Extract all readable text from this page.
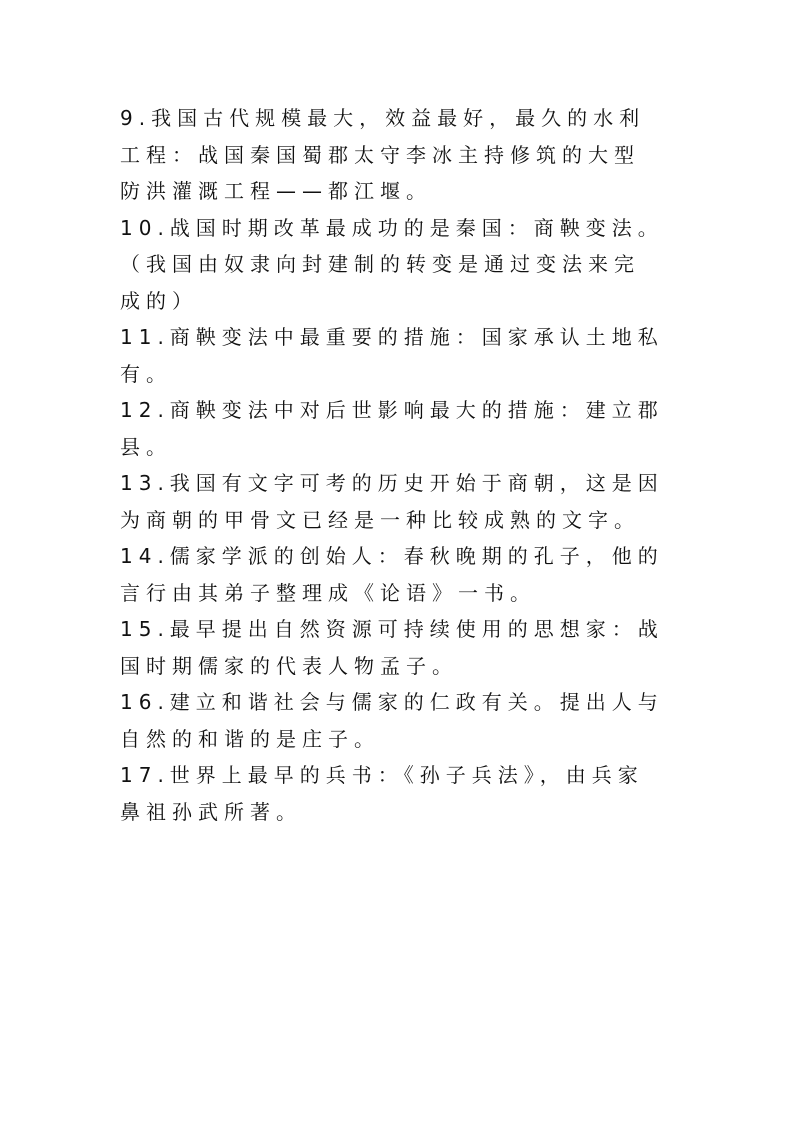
9.我国古代规模最大，效益最好，最久的水利
工程：战国秦国蜀郡太守李冰主持修筑的大型
防洪灌溉工程——都江堰。
10.战国时期改革最成功的是秦国：商鞅变法。
（我国由奴隶向封建制的转变是通过变法来完
成的）
11.商鞅变法中最重要的措施：国家承认土地私
有。
12.商鞅变法中对后世影响最大的措施：建立郡
县。
13.我国有文字可考的历史开始于商朝，这是因
为商朝的甲骨文已经是一种比较成熟的文字。
14.儒家学派的创始人：春秋晚期的孔子，他的
言行由其弟子整理成《论语》一书。
15.最早提出自然资源可持续使用的思想家：战
国时期儒家的代表人物孟子。
16.建立和谐社会与儒家的仁政有关。提出人与
自然的和谐的是庄子。
17.世界上最早的兵书：《孙子兵法》，由兵家
鼻祖孙武所著。
